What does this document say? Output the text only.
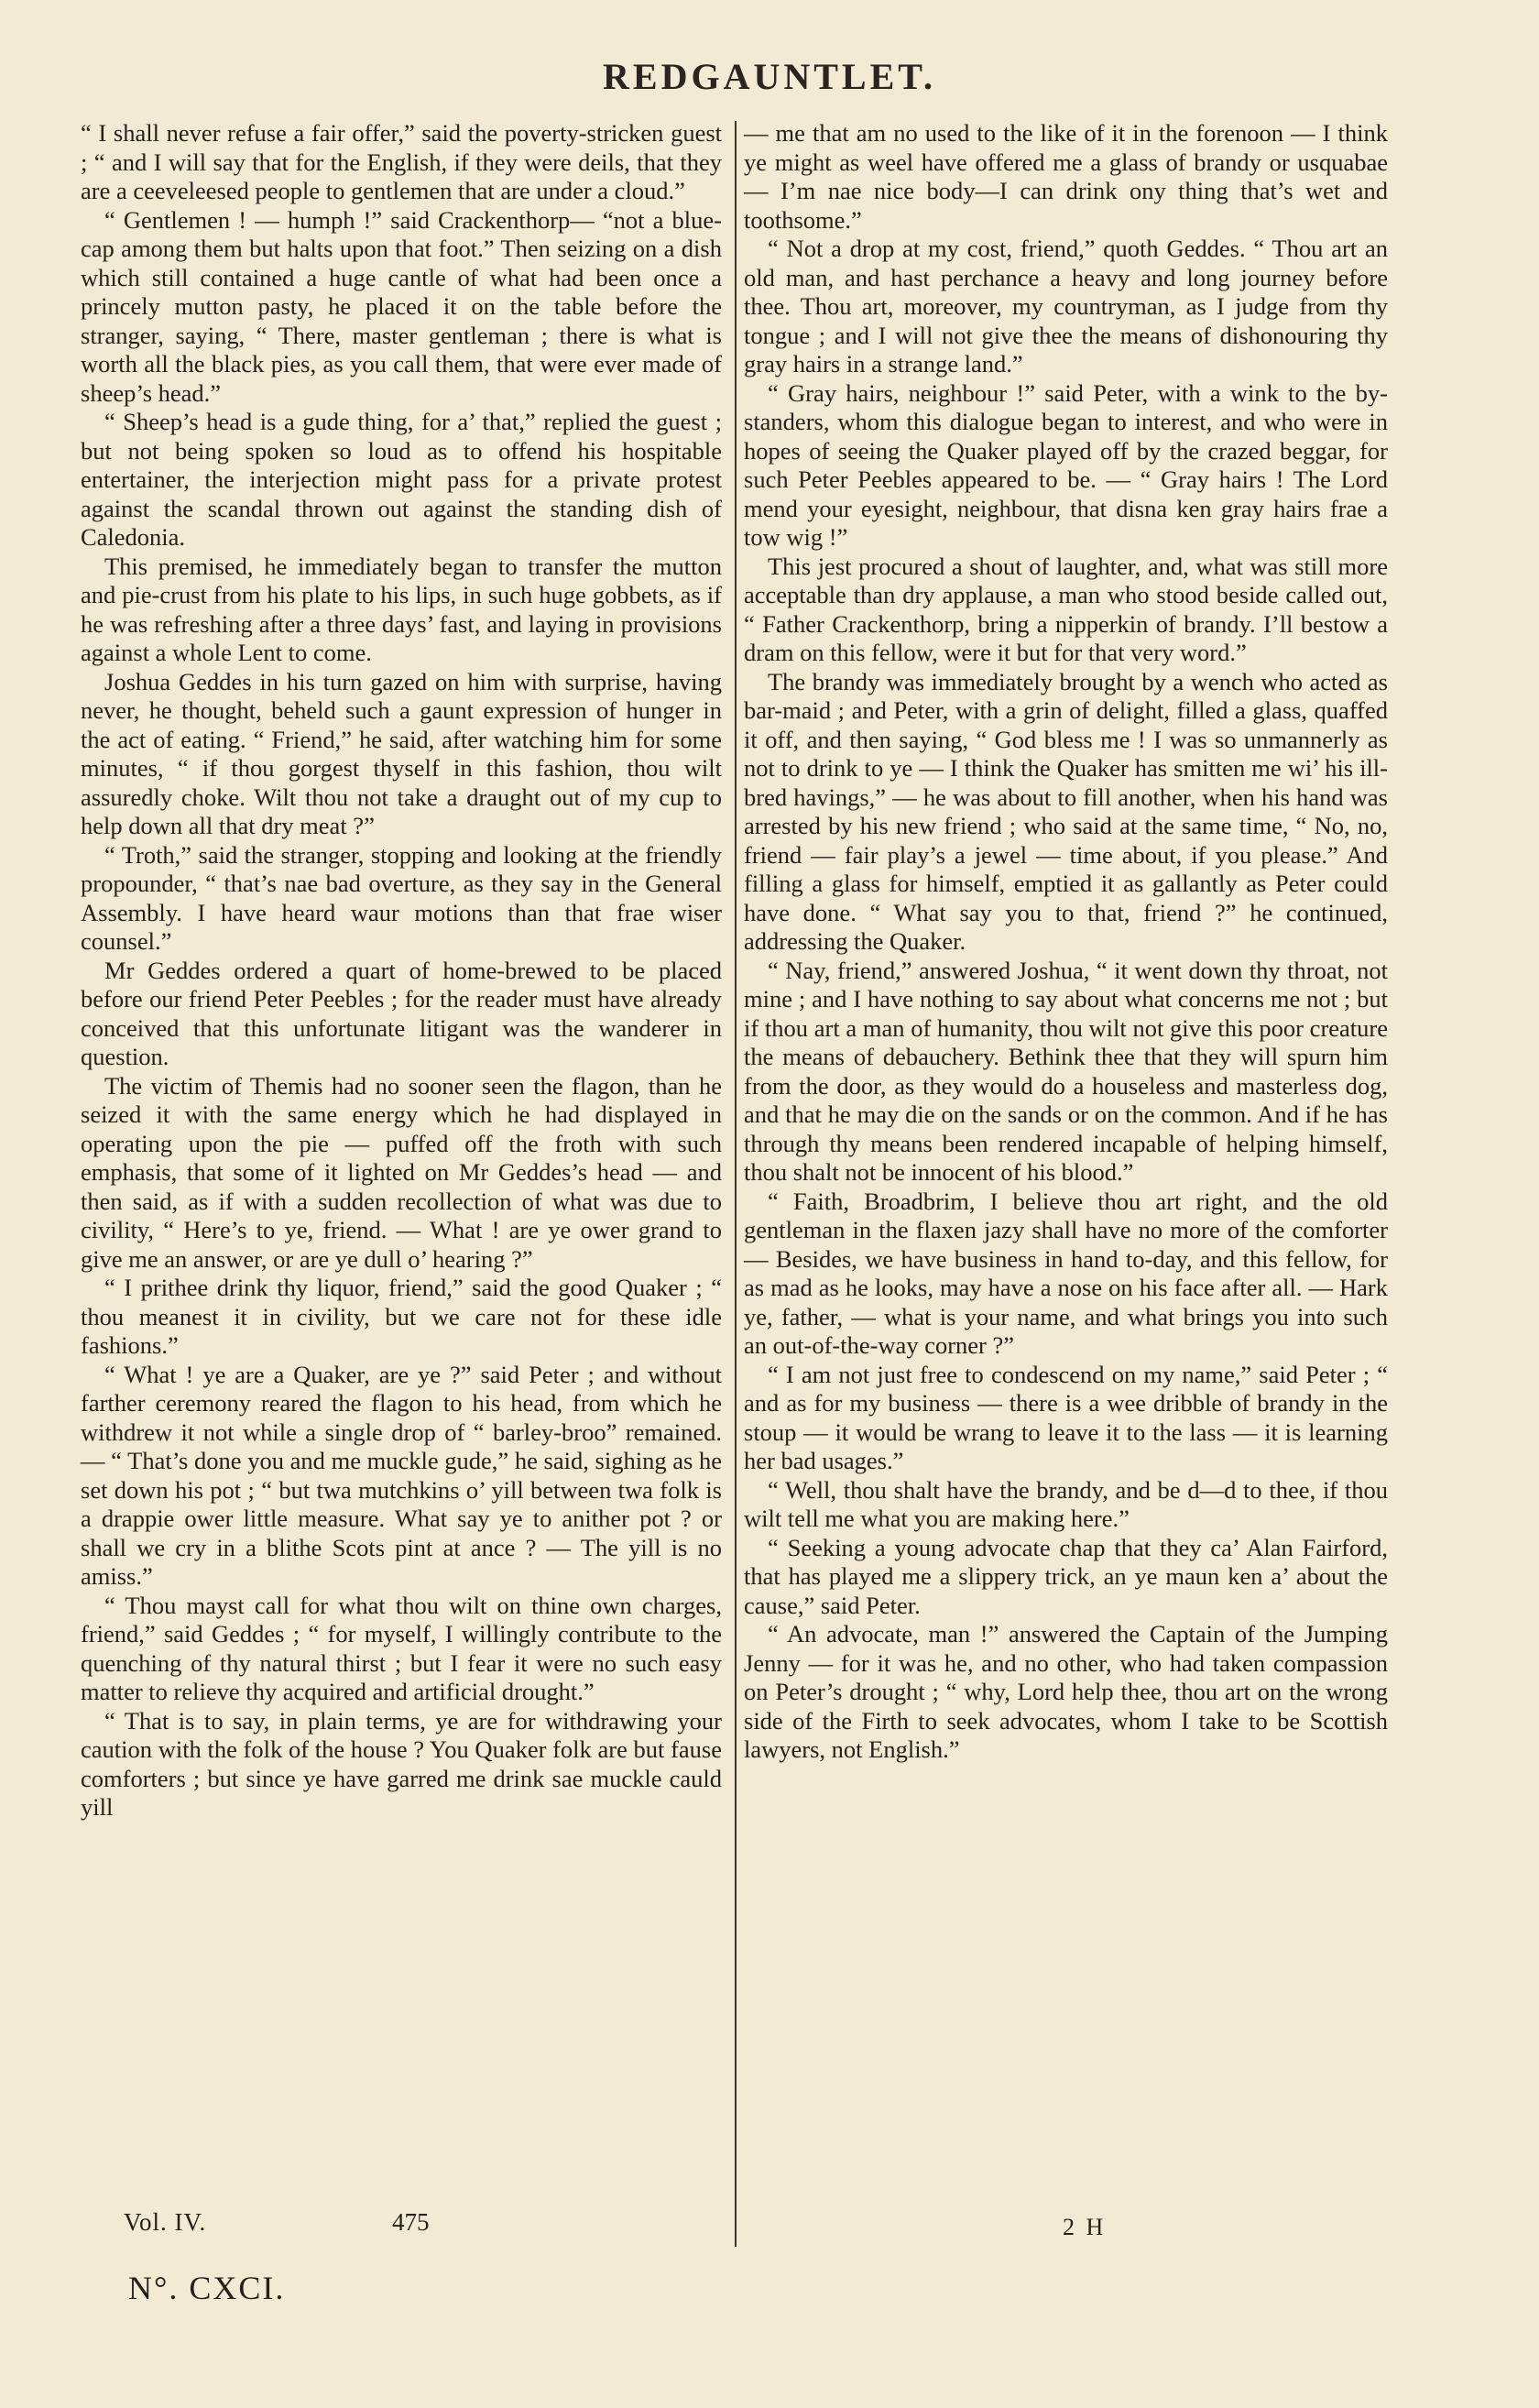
REDGAUNTLET.

“ I shall never refuse a fair offer,” said the poverty-stricken guest ; “ and I will say that for the English, if they were deils, that they are a ceeveleesed people to gentlemen that are under a cloud.”

“ Gentlemen ! — humph !” said Crackenthorp— “not a blue-cap among them but halts upon that foot.” Then seizing on a dish which still contained a huge cantle of what had been once a princely mutton pasty, he placed it on the table before the stranger, saying, “ There, master gentleman ; there is what is worth all the black pies, as you call them, that were ever made of sheep’s head.”

“ Sheep’s head is a gude thing, for a’ that,” replied the guest ; but not being spoken so loud as to offend his hospitable entertainer, the interjection might pass for a private protest against the scandal thrown out against the standing dish of Caledonia.

This premised, he immediately began to transfer the mutton and pie-crust from his plate to his lips, in such huge gobbets, as if he was refreshing after a three days’ fast, and laying in provisions against a whole Lent to come.

Joshua Geddes in his turn gazed on him with surprise, having never, he thought, beheld such a gaunt expression of hunger in the act of eating. “ Friend,” he said, after watching him for some minutes, “ if thou gorgest thyself in this fashion, thou wilt assuredly choke. Wilt thou not take a draught out of my cup to help down all that dry meat ?”

“ Troth,” said the stranger, stopping and looking at the friendly propounder, “ that’s nae bad overture, as they say in the General Assembly. I have heard waur motions than that frae wiser counsel.”

Mr Geddes ordered a quart of home-brewed to be placed before our friend Peter Peebles ; for the reader must have already conceived that this unfortunate litigant was the wanderer in question.

The victim of Themis had no sooner seen the flagon, than he seized it with the same energy which he had displayed in operating upon the pie — puffed off the froth with such emphasis, that some of it lighted on Mr Geddes’s head — and then said, as if with a sudden recollection of what was due to civility, “ Here’s to ye, friend. — What ! are ye ower grand to give me an answer, or are ye dull o’ hearing ?”

“ I prithee drink thy liquor, friend,” said the good Quaker ; “ thou meanest it in civility, but we care not for these idle fashions.”

“ What ! ye are a Quaker, are ye ?” said Peter ; and without farther ceremony reared the flagon to his head, from which he withdrew it not while a single drop of “ barley-broo” remained. — “ That’s done you and me muckle gude,” he said, sighing as he set down his pot ; “ but twa mutchkins o’ yill between twa folk is a drappie ower little measure. What say ye to anither pot ? or shall we cry in a blithe Scots pint at ance ? — The yill is no amiss.”

“ Thou mayst call for what thou wilt on thine own charges, friend,” said Geddes ; “ for myself, I willingly contribute to the quenching of thy natural thirst ; but I fear it were no such easy matter to relieve thy acquired and artificial drought.”

“ That is to say, in plain terms, ye are for withdrawing your caution with the folk of the house ? You Quaker folk are but fause comforters ; but since ye have garred me drink sae muckle cauld yill

— me that am no used to the like of it in the forenoon — I think ye might as weel have offered me a glass of brandy or usquabae — I’m nae nice body—I can drink ony thing that’s wet and toothsome.”

“ Not a drop at my cost, friend,” quoth Geddes. “ Thou art an old man, and hast perchance a heavy and long journey before thee. Thou art, moreover, my countryman, as I judge from thy tongue ; and I will not give thee the means of dishonouring thy gray hairs in a strange land.”

“ Gray hairs, neighbour !” said Peter, with a wink to the by-standers, whom this dialogue began to interest, and who were in hopes of seeing the Quaker played off by the crazed beggar, for such Peter Peebles appeared to be. — “ Gray hairs ! The Lord mend your eyesight, neighbour, that disna ken gray hairs frae a tow wig !”

This jest procured a shout of laughter, and, what was still more acceptable than dry applause, a man who stood beside called out, “ Father Crackenthorp, bring a nipperkin of brandy. I’ll bestow a dram on this fellow, were it but for that very word.”

The brandy was immediately brought by a wench who acted as bar-maid ; and Peter, with a grin of delight, filled a glass, quaffed it off, and then saying, “ God bless me ! I was so unmannerly as not to drink to ye — I think the Quaker has smitten me wi’ his ill-bred havings,” — he was about to fill another, when his hand was arrested by his new friend ; who said at the same time, “ No, no, friend — fair play’s a jewel — time about, if you please.” And filling a glass for himself, emptied it as gallantly as Peter could have done. “ What say you to that, friend ?” he continued, addressing the Quaker.

“ Nay, friend,” answered Joshua, “ it went down thy throat, not mine ; and I have nothing to say about what concerns me not ; but if thou art a man of humanity, thou wilt not give this poor creature the means of debauchery. Bethink thee that they will spurn him from the door, as they would do a houseless and masterless dog, and that he may die on the sands or on the common. And if he has through thy means been rendered incapable of helping himself, thou shalt not be innocent of his blood.”

“ Faith, Broadbrim, I believe thou art right, and the old gentleman in the flaxen jazy shall have no more of the comforter — Besides, we have business in hand to-day, and this fellow, for as mad as he looks, may have a nose on his face after all. — Hark ye, father, — what is your name, and what brings you into such an out-of-the-way corner ?”

“ I am not just free to condescend on my name,” said Peter ; “ and as for my business — there is a wee dribble of brandy in the stoup — it would be wrang to leave it to the lass — it is learning her bad usages.”

“ Well, thou shalt have the brandy, and be d—d to thee, if thou wilt tell me what you are making here.”

“ Seeking a young advocate chap that they ca’ Alan Fairford, that has played me a slippery trick, an ye maun ken a’ about the cause,” said Peter.

“ An advocate, man !” answered the Captain of the Jumping Jenny — for it was he, and no other, who had taken compassion on Peter’s drought ; “ why, Lord help thee, thou art on the wrong side of the Firth to seek advocates, whom I take to be Scottish lawyers, not English.”

Vol. IV.	475	2 H
N°. CXCI.
